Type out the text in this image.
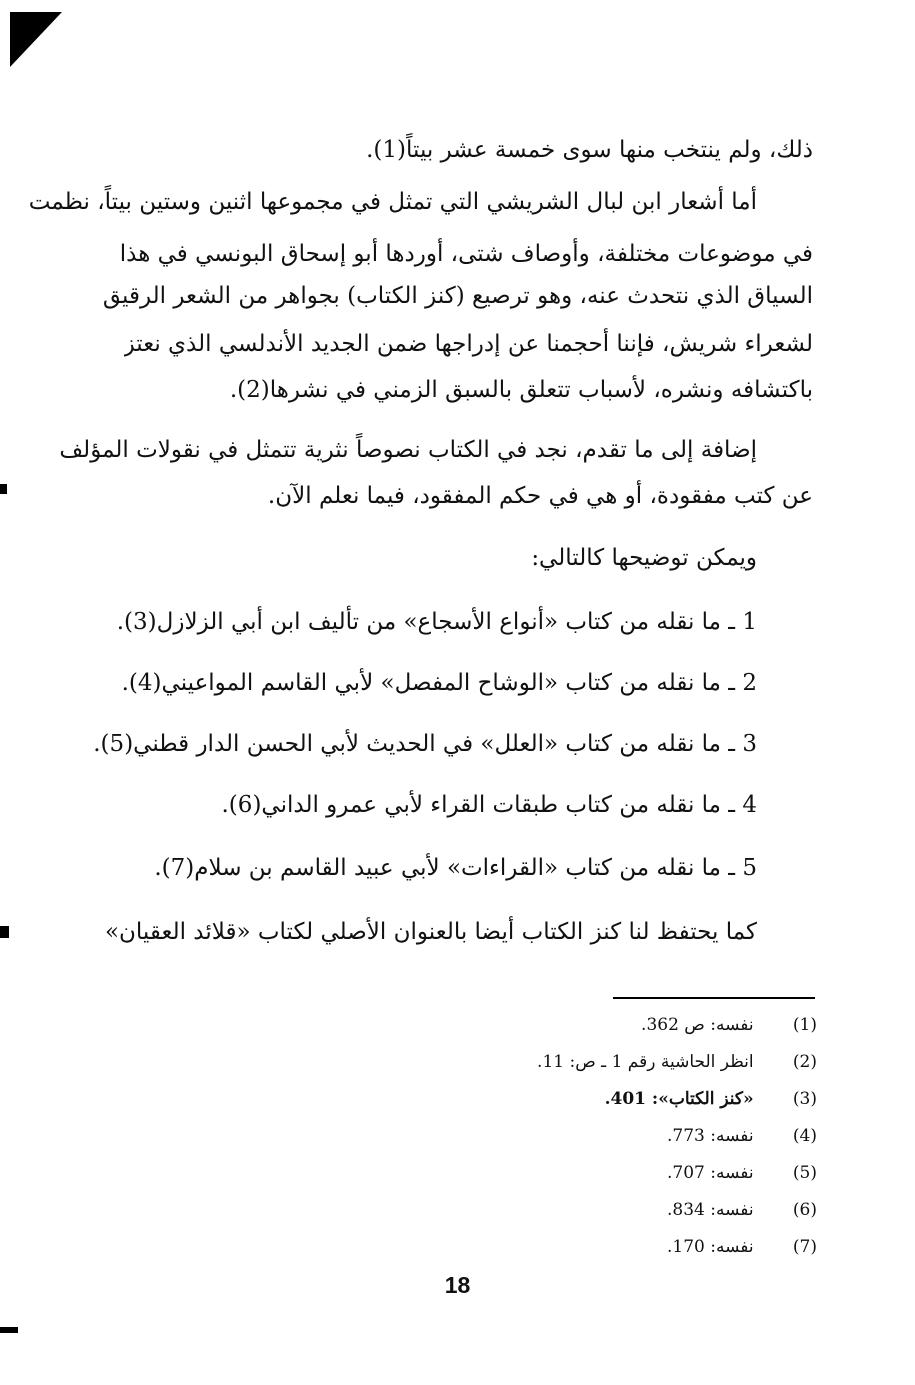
ذلك، ولم ينتخب منها سوى خمسة عشر بيتاً(1).

أما أشعار ابن لبال الشريشي التي تمثل في مجموعها اثنين وستين بيتاً، نظمت

في موضوعات مختلفة، وأوصاف شتى، أوردها أبو إسحاق البونسي في هذا

السياق الذي نتحدث عنه، وهو ترصيع (كنز الكتاب) بجواهر من الشعر الرقيق

لشعراء شريش، فإننا أحجمنا عن إدراجها ضمن الجديد الأندلسي الذي نعتز

باكتشافه ونشره، لأسباب تتعلق بالسبق الزمني في نشرها(2).

إضافة إلى ما تقدم، نجد في الكتاب نصوصاً نثرية تتمثل في نقولات المؤلف

عن كتب مفقودة، أو هي في حكم المفقود، فيما نعلم الآن.

ويمكن توضيحها كالتالي:

1 ـ ما نقله من كتاب «أنواع الأسجاع» من تأليف ابن أبي الزلازل(3).

2 ـ ما نقله من كتاب «الوشاح المفصل» لأبي القاسم المواعيني(4).

3 ـ ما نقله من كتاب «العلل» في الحديث لأبي الحسن الدار قطني(5).

4 ـ ما نقله من كتاب طبقات القراء لأبي عمرو الداني(6).

5 ـ ما نقله من كتاب «القراءات» لأبي عبيد القاسم بن سلام(7).

كما يحتفظ لنا كنز الكتاب أيضا بالعنوان الأصلي لكتاب «قلائد العقيان»

(1) نفسه: ص 362.
(2) انظر الحاشية رقم 1 ـ ص: 11.
(3) «كنز الكتاب»: 401.
(4) نفسه: 773.
(5) نفسه: 707.
(6) نفسه: 834.
(7) نفسه: 170.
18
